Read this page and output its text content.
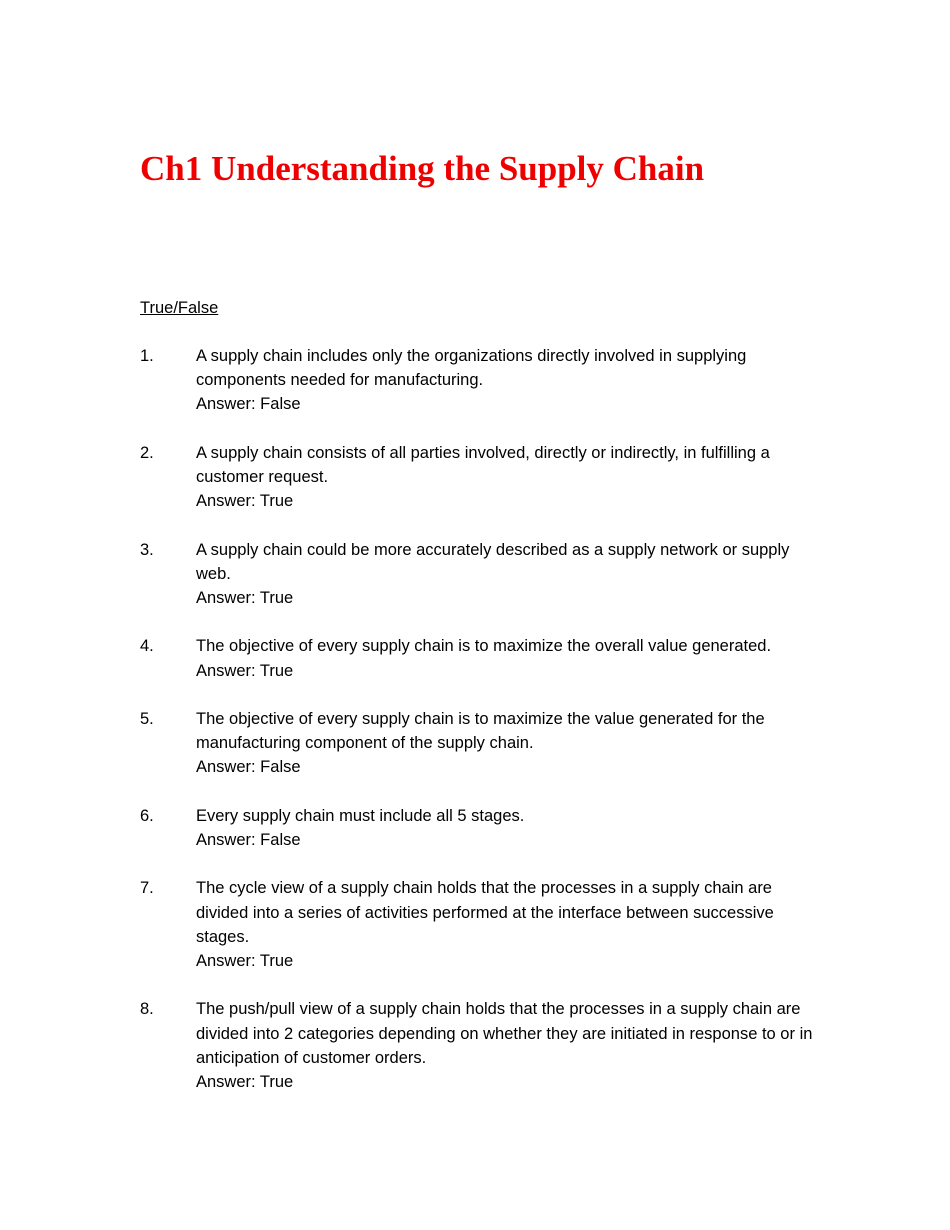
Ch1 Understanding the Supply Chain
True/False
1.	A supply chain includes only the organizations directly involved in supplying components needed for manufacturing.
Answer: False
2.	A supply chain consists of all parties involved, directly or indirectly, in fulfilling a customer request.
Answer: True
3.	A supply chain could be more accurately described as a supply network or supply web.
Answer: True
4.	The objective of every supply chain is to maximize the overall value generated.
Answer: True
5.	The objective of every supply chain is to maximize the value generated for the manufacturing component of the supply chain.
Answer: False
6.	Every supply chain must include all 5 stages.
Answer: False
7.	The cycle view of a supply chain holds that the processes in a supply chain are divided into a series of activities performed at the interface between successive stages.
Answer: True
8.	The push/pull view of a supply chain holds that the processes in a supply chain are divided into 2 categories depending on whether they are initiated in response to or in anticipation of customer orders.
Answer: True
